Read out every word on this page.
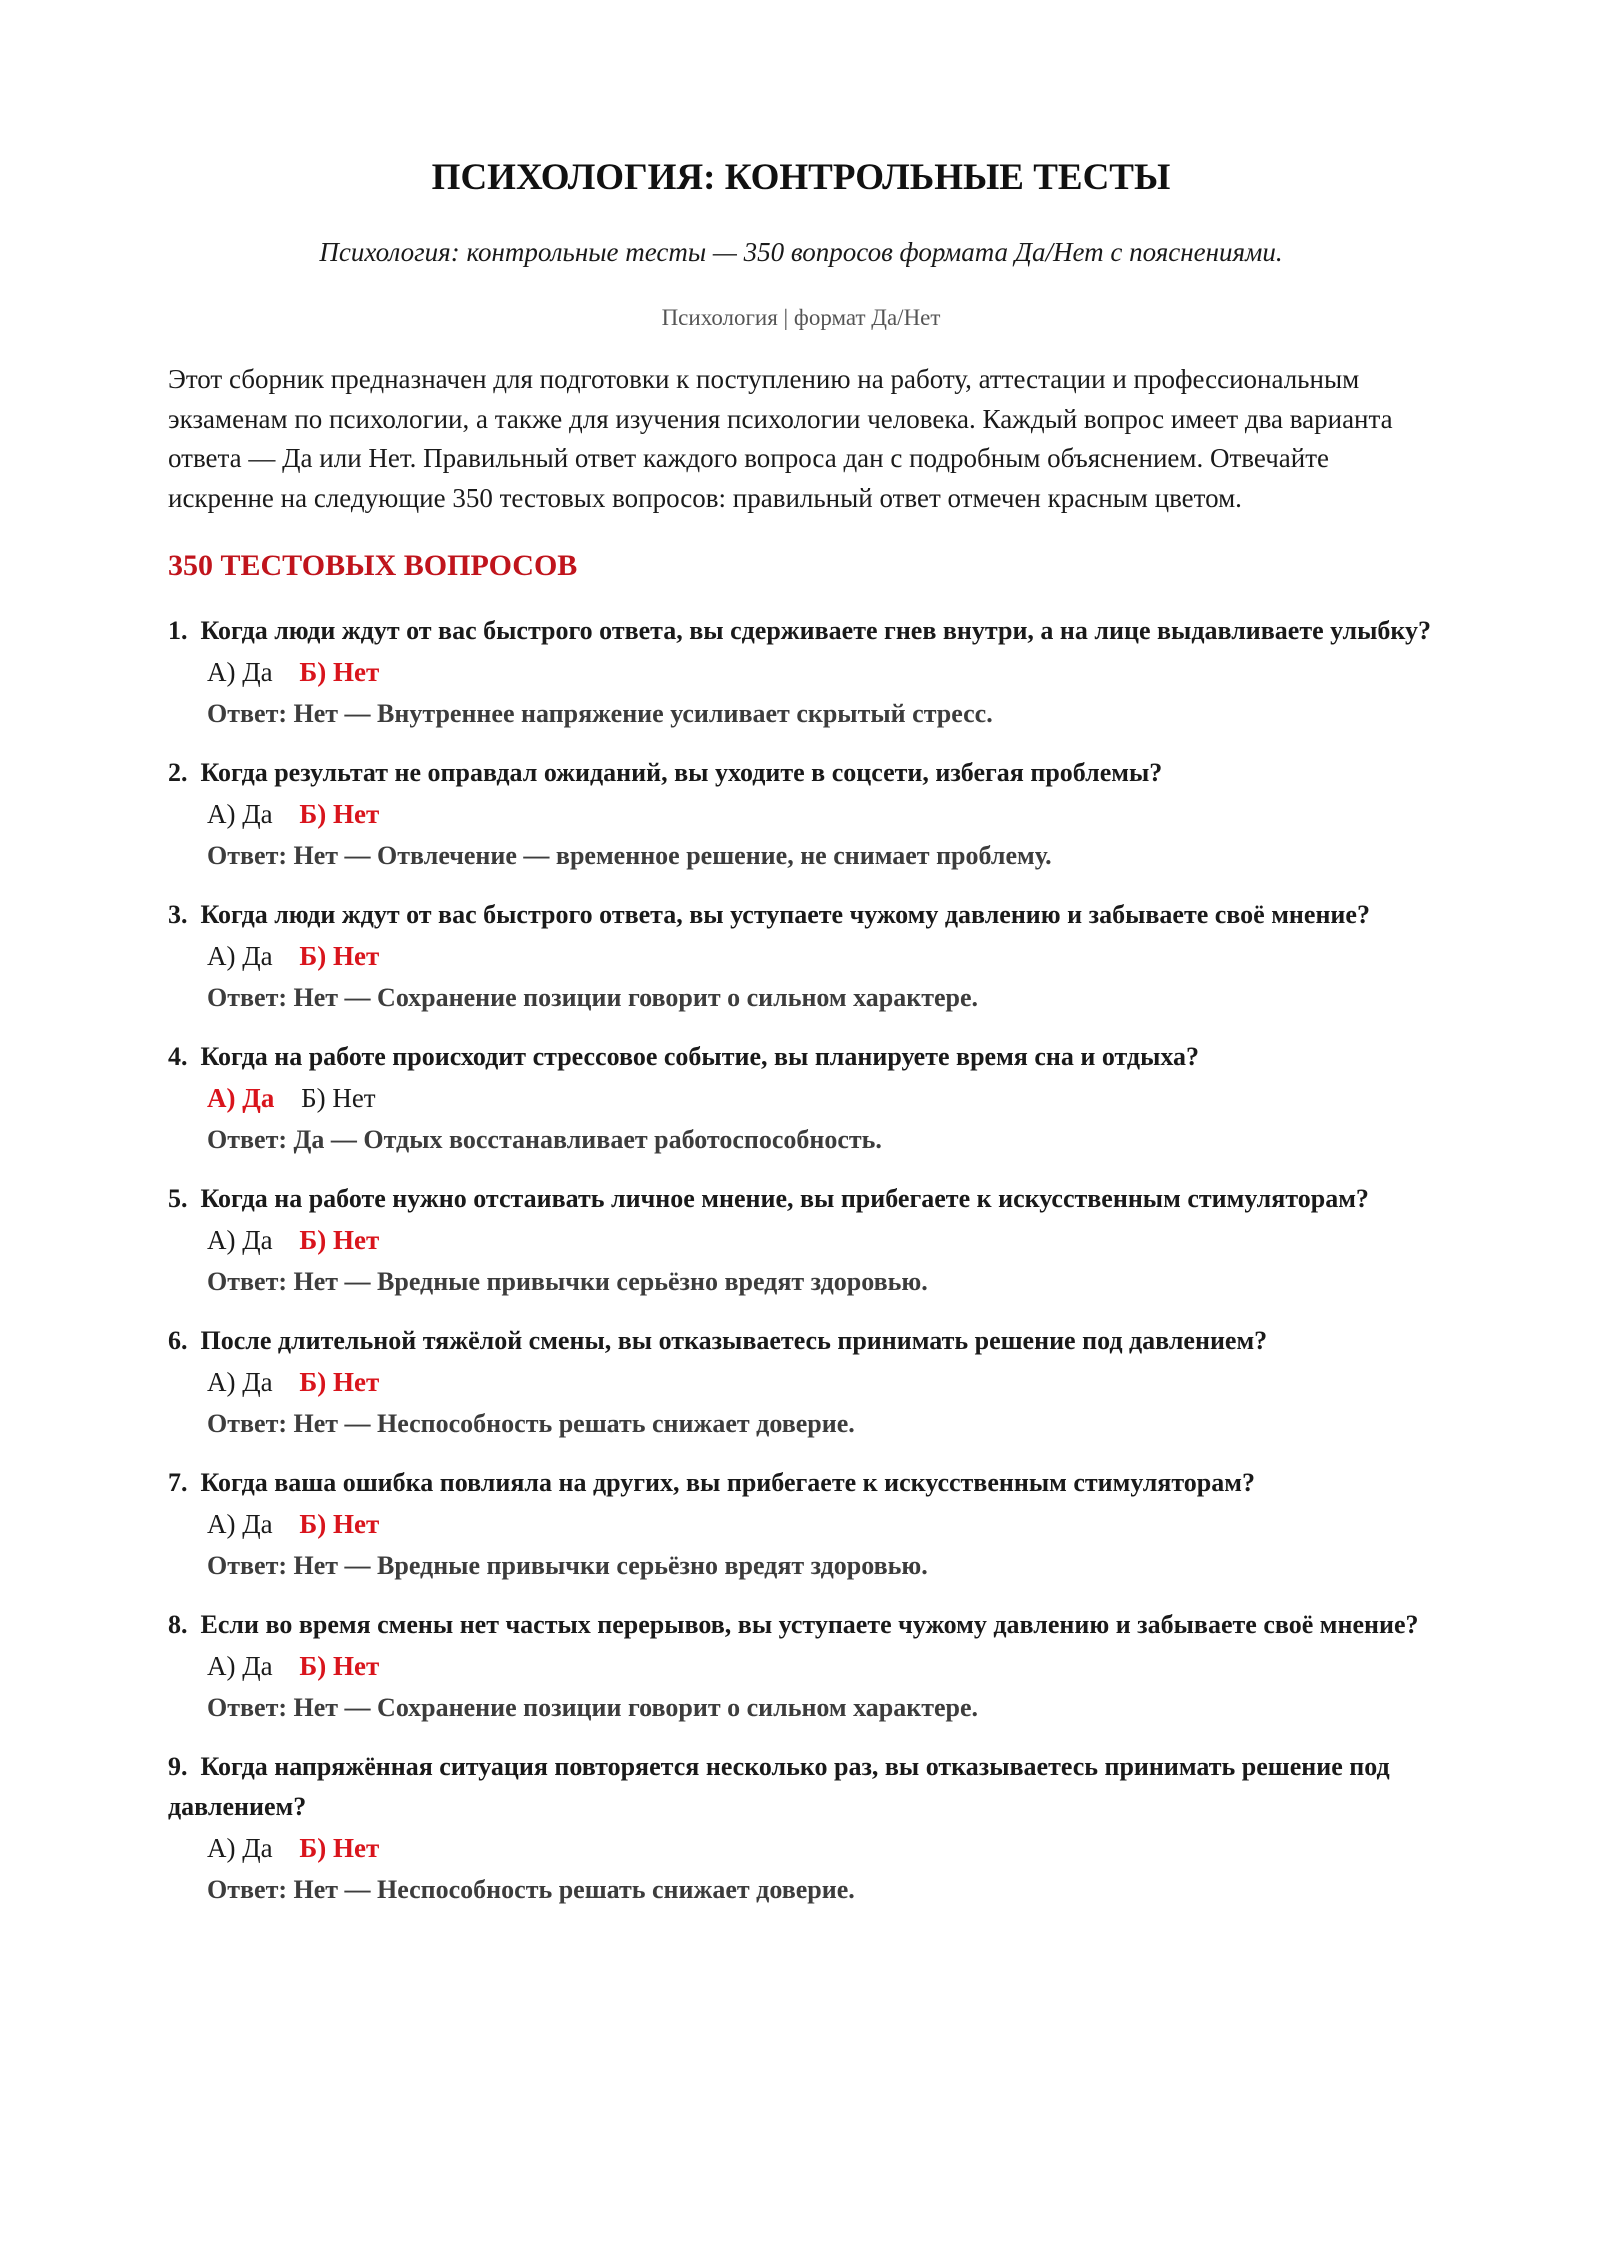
ПСИХОЛОГИЯ: КОНТРОЛЬНЫЕ ТЕСТЫ

Психология: контрольные тесты — 350 вопросов формата Да/Нет с пояснениями.

Психология | формат Да/Нет

Этот сборник предназначен для подготовки к поступлению на работу, аттестации и профессиональным экзаменам по психологии, а также для изучения психологии человека. Каждый вопрос имеет два варианта ответа — Да или Нет. Правильный ответ каждого вопроса дан с подробным объяснением. Отвечайте искренне на следующие 350 тестовых вопросов: правильный ответ отмечен красным цветом.

350 ТЕСТОВЫХ ВОПРОСОВ
1. Когда люди ждут от вас быстрого ответа, вы сдерживаете гнев внутри, а на лице выдавливаете улыбку?
А) Да Б) Нет
Ответ: Нет — Внутреннее напряжение усиливает скрытый стресс.
2. Когда результат не оправдал ожиданий, вы уходите в соцсети, избегая проблемы?
А) Да Б) Нет
Ответ: Нет — Отвлечение — временное решение, не снимает проблему.
3. Когда люди ждут от вас быстрого ответа, вы уступаете чужому давлению и забываете своё мнение?
А) Да Б) Нет
Ответ: Нет — Сохранение позиции говорит о сильном характере.
4. Когда на работе происходит стрессовое событие, вы планируете время сна и отдыха?
А) Да Б) Нет
Ответ: Да — Отдых восстанавливает работоспособность.
5. Когда на работе нужно отстаивать личное мнение, вы прибегаете к искусственным стимуляторам?
А) Да Б) Нет
Ответ: Нет — Вредные привычки серьёзно вредят здоровью.
6. После длительной тяжёлой смены, вы отказываетесь принимать решение под давлением?
А) Да Б) Нет
Ответ: Нет — Неспособность решать снижает доверие.
7. Когда ваша ошибка повлияла на других, вы прибегаете к искусственным стимуляторам?
А) Да Б) Нет
Ответ: Нет — Вредные привычки серьёзно вредят здоровью.
8. Если во время смены нет частых перерывов, вы уступаете чужому давлению и забываете своё мнение?
А) Да Б) Нет
Ответ: Нет — Сохранение позиции говорит о сильном характере.
9. Когда напряжённая ситуация повторяется несколько раз, вы отказываетесь принимать решение под давлением?
А) Да Б) Нет
Ответ: Нет — Неспособность решать снижает доверие.
